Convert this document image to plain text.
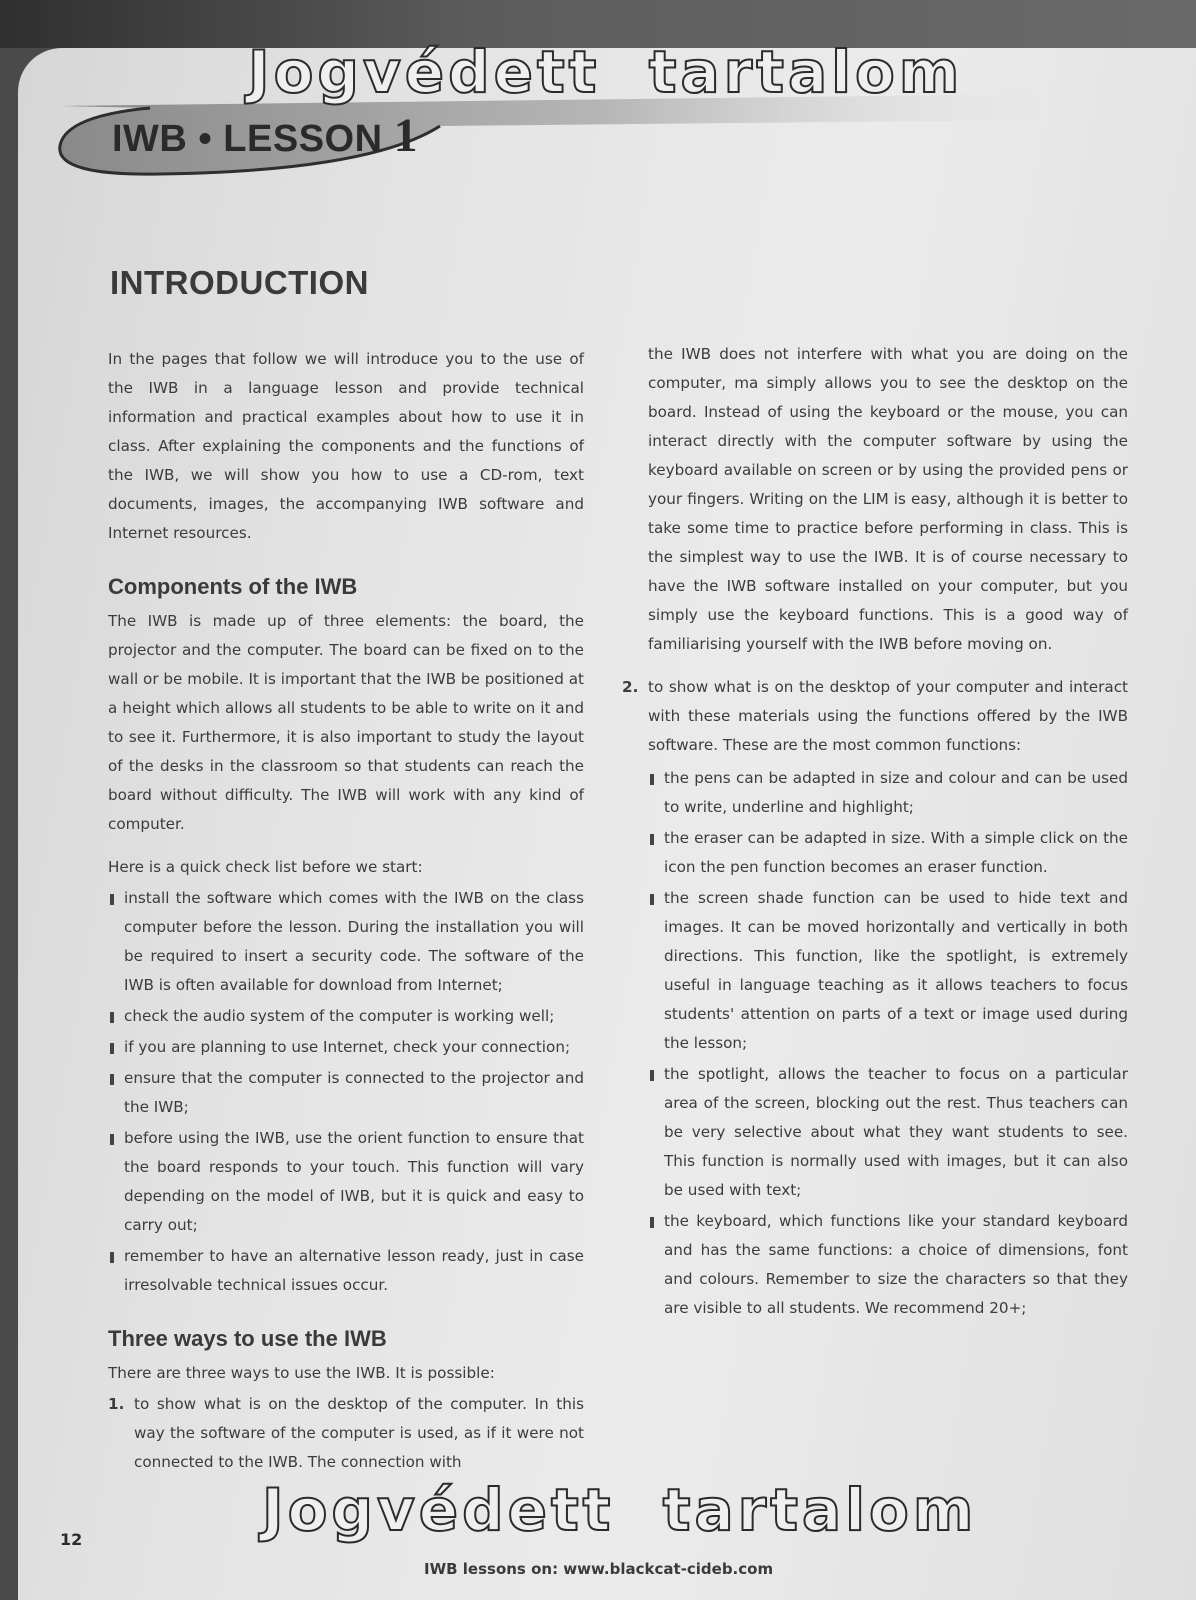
Jogvédett  tartalom
IWB • LESSON 1
INTRODUCTION

In the pages that follow we will introduce you to the use of the IWB in a language lesson and provide technical information and practical examples about how to use it in class. After explaining the components and the functions of the IWB, we will show you how to use a CD-rom, text documents, images, the accompanying IWB software and Internet resources.

Components of the IWB

The IWB is made up of three elements: the board, the projector and the computer. The board can be fixed on to the wall or be mobile. It is important that the IWB be positioned at a height which allows all students to be able to write on it and to see it. Furthermore, it is also important to study the layout of the desks in the classroom so that students can reach the board without difficulty. The IWB will work with any kind of computer.

Here is a quick check list before we start:

install the software which comes with the IWB on the class computer before the lesson. During the installation you will be required to insert a security code. The software of the IWB is often available for download from Internet;
check the audio system of the computer is working well;
if you are planning to use Internet, check your connection;
ensure that the computer is connected to the projector and the IWB;
before using the IWB, use the orient function to ensure that the board responds to your touch. This function will vary depending on the model of IWB, but it is quick and easy to carry out;
remember to have an alternative lesson ready, just in case irresolvable technical issues occur.
Three ways to use the IWB

There are three ways to use the IWB. It is possible:

1. to show what is on the desktop of the computer. In this way the software of the computer is used, as if it were not connected to the IWB. The connection with

the IWB does not interfere with what you are doing on the computer, ma simply allows you to see the desktop on the board. Instead of using the keyboard or the mouse, you can interact directly with the computer software by using the keyboard available on screen or by using the provided pens or your fingers. Writing on the LIM is easy, although it is better to take some time to practice before performing in class. This is the simplest way to use the IWB. It is of course necessary to have the IWB software installed on your computer, but you simply use the keyboard functions. This is a good way of familiarising yourself with the IWB before moving on.

2. to show what is on the desktop of your computer and interact with these materials using the functions offered by the IWB software. These are the most common functions:
the pens can be adapted in size and colour and can be used to write, underline and highlight;
the eraser can be adapted in size. With a simple click on the icon the pen function becomes an eraser function.
the screen shade function can be used to hide text and images. It can be moved horizontally and vertically in both directions. This function, like the spotlight, is extremely useful in language teaching as it allows teachers to focus students' attention on parts of a text or image used during the lesson;
the spotlight, allows the teacher to focus on a particular area of the screen, blocking out the rest. Thus teachers can be very selective about what they want students to see. This function is normally used with images, but it can also be used with text;
the keyboard, which functions like your standard keyboard and has the same functions: a choice of dimensions, font and colours. Remember to size the characters so that they are visible to all students. We recommend 20+;
Jogvédett  tartalom
12
IWB lessons on: www.blackcat-cideb.com
